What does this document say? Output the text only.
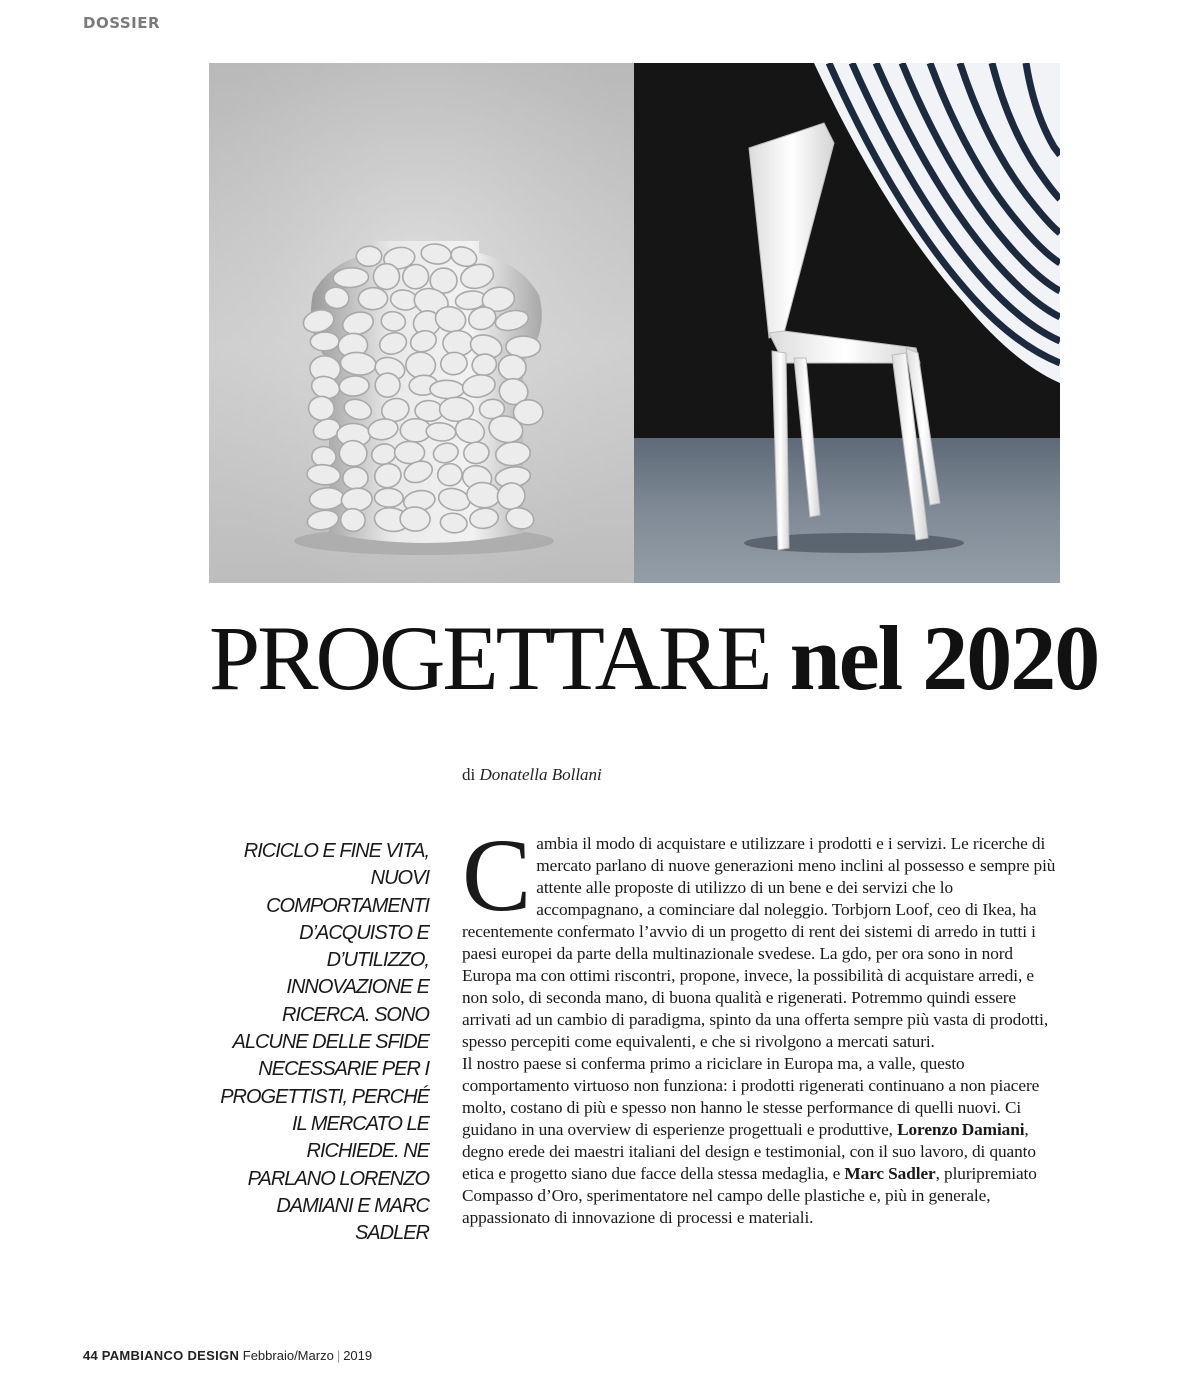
DOSSIER
PROGETTARE nel 2020
di Donatella Bollani
RICICLO E FINE VITA, NUOVI COMPORTAMENTI D’ACQUISTO E D’UTILIZZO, INNOVAZIONE E RICERCA. SONO ALCUNE DELLE SFIDE NECESSARIE PER I PROGETTISTI, PERCHÉ IL MERCATO LE RICHIEDE. NE PARLANO LORENZO DAMIANI E MARC SADLER

Cambia il modo di acquistare e utilizzare i prodotti e i servizi. Le ricerche di mercato parlano di nuove generazioni meno inclini al possesso e sempre più attente alle proposte di utilizzo di un bene e dei servizi che lo accompagnano, a cominciare dal noleggio. Torbjorn Loof, ceo di Ikea, ha recentemente confermato l’avvio di un progetto di rent dei sistemi di arredo in tutti i paesi europei da parte della multinazionale svedese. La gdo, per ora sono in nord Europa ma con ottimi riscontri, propone, invece, la possibilità di acquistare arredi, e non solo, di seconda mano, di buona qualità e rigenerati. Potremmo quindi essere arrivati ad un cambio di paradigma, spinto da una offerta sempre più vasta di prodotti, spesso percepiti come equivalenti, e che si rivolgono a mercati saturi.

Il nostro paese si conferma primo a riciclare in Europa ma, a valle, questo comportamento virtuoso non funziona: i prodotti rigenerati continuano a non piacere molto, costano di più e spesso non hanno le stesse performance di quelli nuovi. Ci guidano in una overview di esperienze progettuali e produttive, Lorenzo Damiani, degno erede dei maestri italiani del design e testimonial, con il suo lavoro, di quanto etica e progetto siano due facce della stessa medaglia, e Marc Sadler, pluripremiato Compasso d’Oro, sperimentatore nel campo delle plastiche e, più in generale, appassionato di innovazione di processi e materiali.

44 PAMBIANCO DESIGN Febbraio/Marzo | 2019
